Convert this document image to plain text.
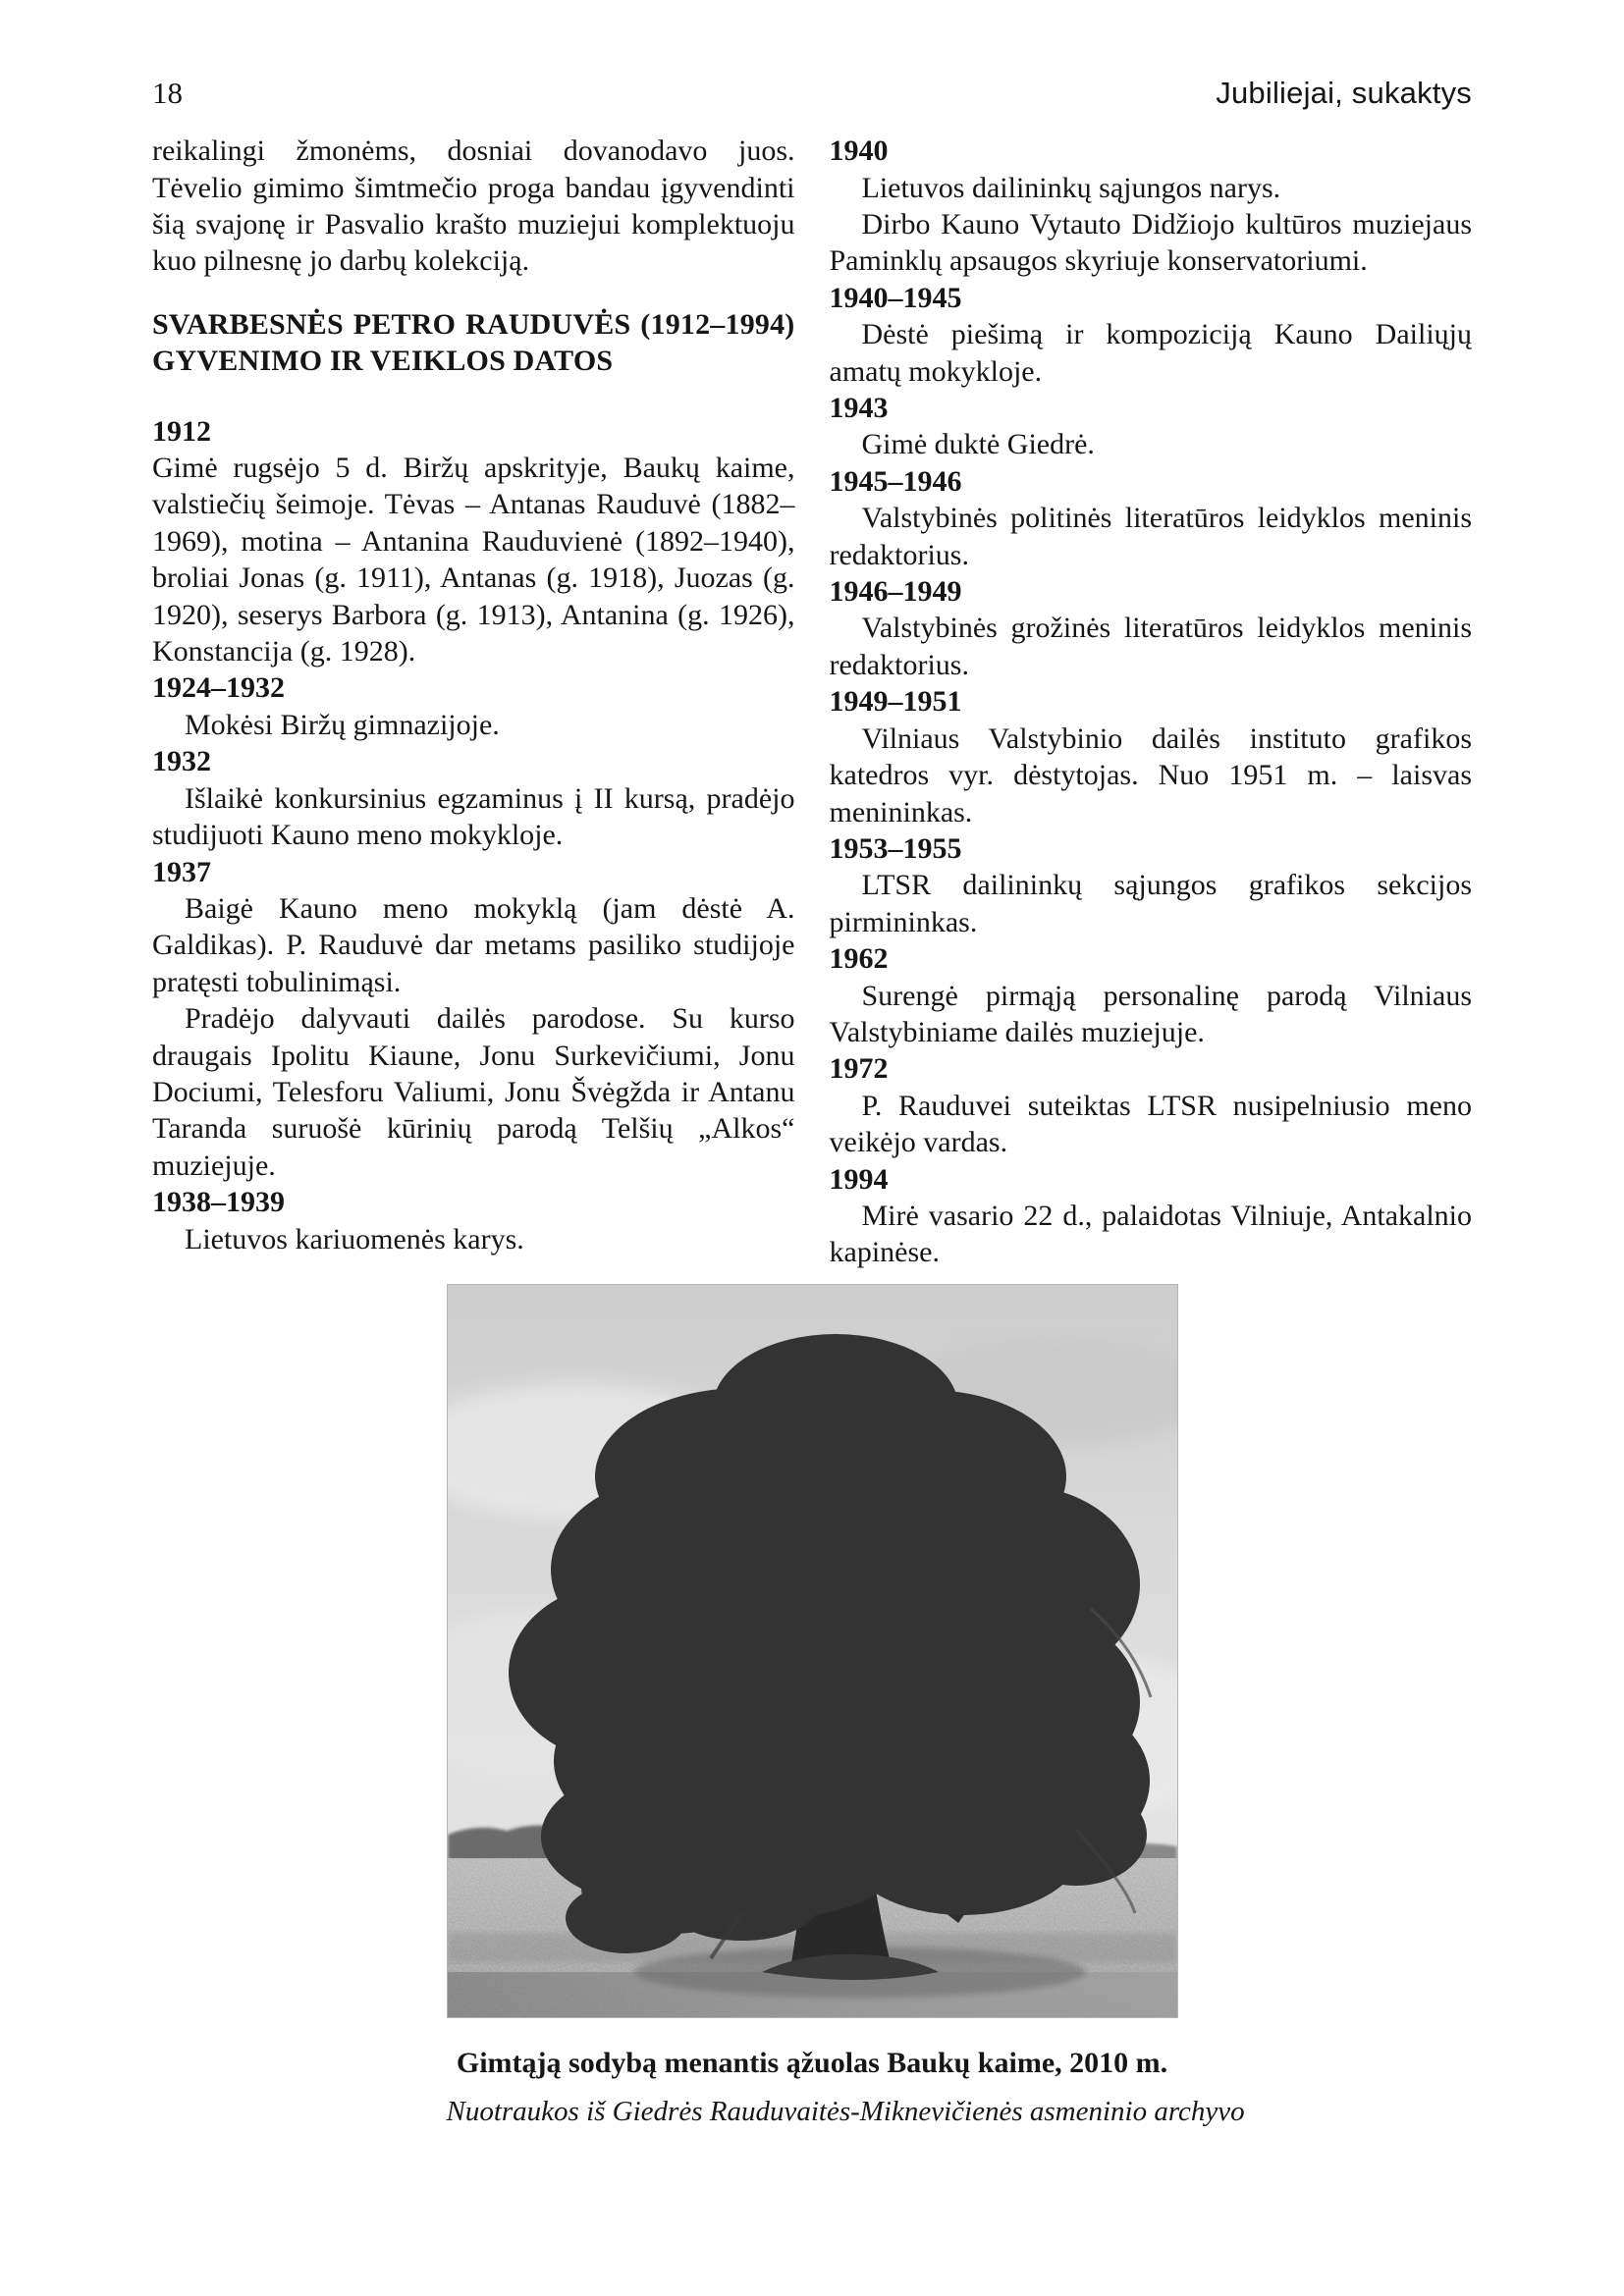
18	Jubiliejai, sukaktys
reikalingi žmonėms, dosniai dovanodavo juos. Tėvelio gimimo šimtmečio proga bandau įgyvendinti šią svajonę ir Pasvalio krašto muziejui komplektuoju kuo pilnesnę jo darbų kolekciją.
SVARBESNĖS PETRO RAUDUVĖS (1912–1994) GYVENIMO IR VEIKLOS DATOS
1912
Gimė rugsėjo 5 d. Biržų apskrityje, Baukų kaime, valstiečių šeimoje. Tėvas – Antanas Rauduvė (1882–1969), motina – Antanina Rauduvienė (1892–1940), broliai Jonas (g. 1911), Antanas (g. 1918), Juozas (g. 1920), seserys Barbora (g. 1913), Antanina (g. 1926), Konstancija (g. 1928).
1924–1932
Mokėsi Biržų gimnazijoje.
1932
Išlaikė konkursinius egzaminus į II kursą, pradėjo studijuoti Kauno meno mokykloje.
1937
Baigė Kauno meno mokyklą (jam dėstė A. Galdikas). P. Rauduvė dar metams pasiliko studijoje pratęsti tobulinimąsi.
Pradėjo dalyvauti dailės parodose. Su kurso draugais Ipolitu Kiaune, Jonu Surkevičiumi, Jonu Dociumi, Telesforu Valiumi, Jonu Švėgžda ir Antanu Taranda suruošė kūrinių parodą Telšių „Alkos“ muziejuje.
1938–1939
Lietuvos kariuomenės karys.
1940
Lietuvos dailininkų sąjungos narys.
Dirbo Kauno Vytauto Didžiojo kultūros muziejaus Paminklų apsaugos skyriuje konservatoriumi.
1940–1945
Dėstė piešimą ir kompoziciją Kauno Dailiųjų amatų mokykloje.
1943
Gimė duktė Giedrė.
1945–1946
Valstybinės politinės literatūros leidyklos meninis redaktorius.
1946–1949
Valstybinės grožinės literatūros leidyklos meninis redaktorius.
1949–1951
Vilniaus Valstybinio dailės instituto grafikos katedros vyr. dėstytojas. Nuo 1951 m. – laisvas menininkas.
1953–1955
LTSR dailininkų sąjungos grafikos sekcijos pirmininkas.
1962
Surengė pirmąją personalinę parodą Vilniaus Valstybiniame dailės muziejuje.
1972
P. Rauduvei suteiktas LTSR nusipelniusio meno veikėjo vardas.
1994
Mirė vasario 22 d., palaidotas Vilniuje, Antakalnio kapinėse.
Gimtąją sodybą menantis ąžuolas Baukų kaime, 2010 m.
Nuotraukos iš Giedrės Rauduvaitės-Miknevičienės asmeninio archyvo
